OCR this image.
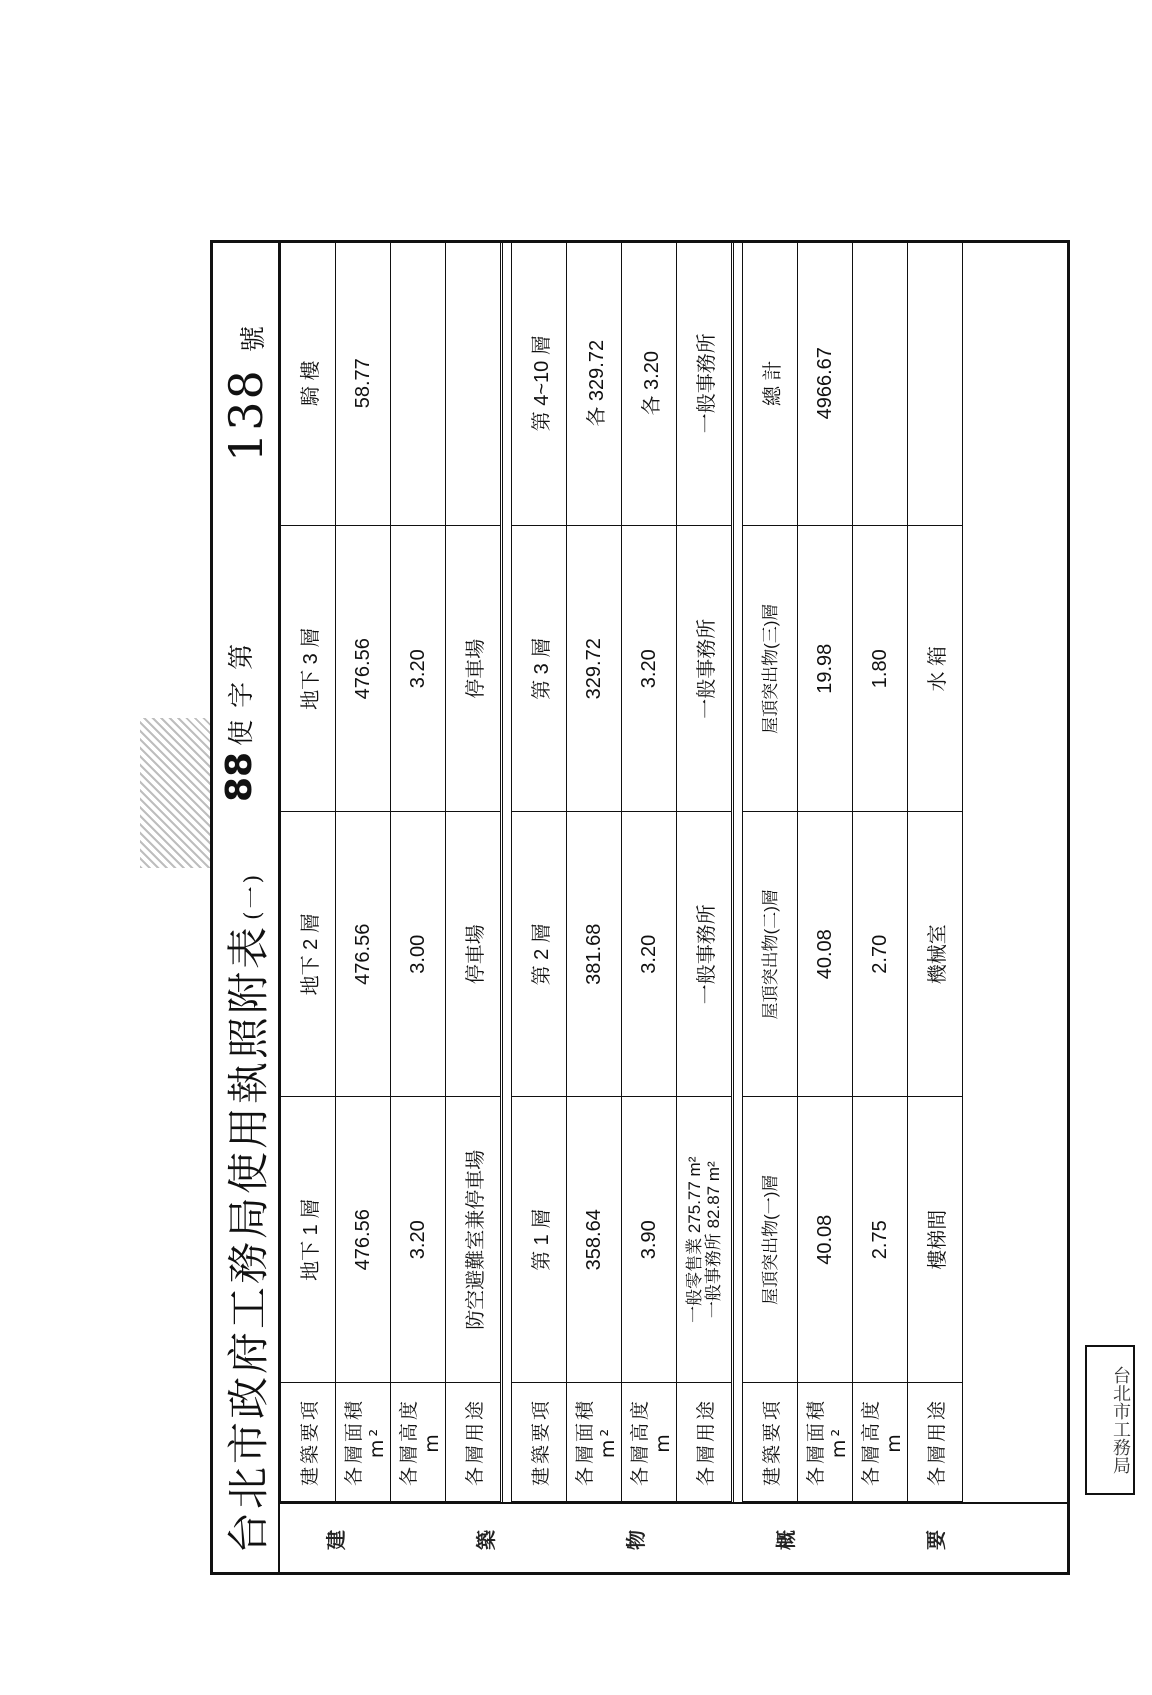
台北市政府工務局使用執照附表(一)
88
使字第
138
號
建	築	物	概	要
建築要項	地下 1 層	地下 2 層	地下 3 層	騎 樓
各層面積m²	476.56	476.56	476.56	58.77
各層高度 m	3.20	3.00	3.20	
各層用途	防空避難室兼停車場	停車場	停車場	

建築要項	第 1 層	第 2 層	第 3 層	第 4~10 層
各層面積m²	358.64	381.68	329.72	各 329.72
各層高度 m	3.90	3.20	3.20	各 3.20
各層用途	一般零售業 275.77 m² 一般事務所 82.87 m²	一般事務所	一般事務所	一般事務所

建築要項	屋頂突出物(一)層	屋頂突出物(二)層	屋頂突出物(三)層	總 計
各層面積m²	40.08	40.08	19.98	4966.67
各層高度 m	2.75	2.70	1.80	
各層用途	樓梯間	機械室	水 箱	
台北市工務局
